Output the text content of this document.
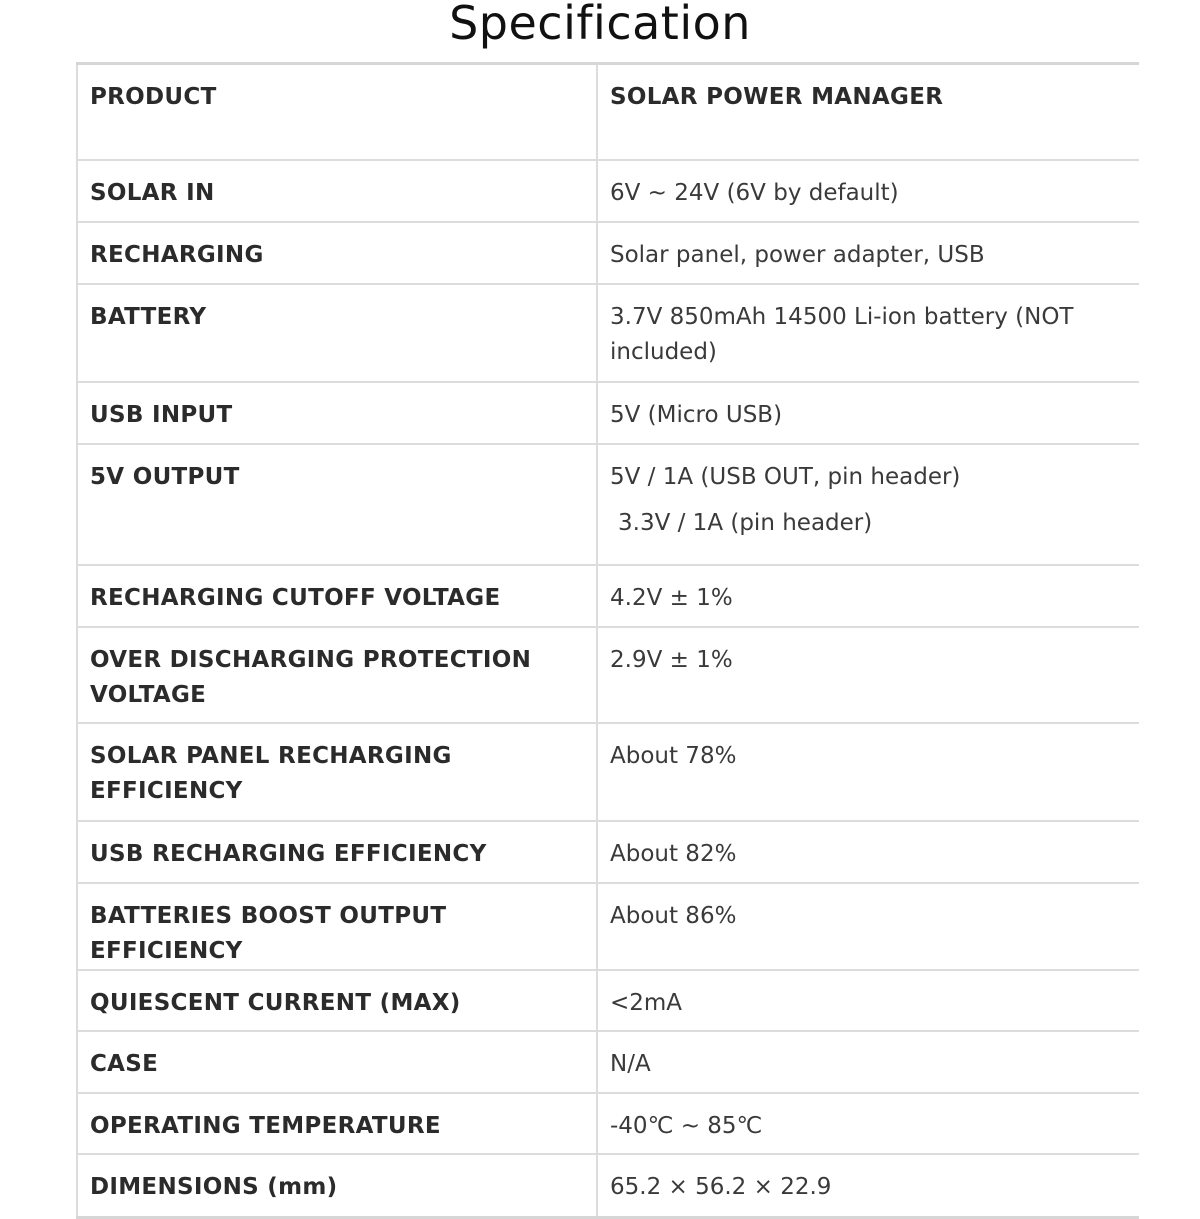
Specification
PRODUCT	SOLAR POWER MANAGER
SOLAR IN	6V ~ 24V (6V by default)
RECHARGING	Solar panel, power adapter, USB
BATTERY	3.7V 850mAh 14500 Li-ion battery (NOT included)
USB INPUT	5V (Micro USB)
5V OUTPUT	5V / 1A (USB OUT, pin header)
3.3V / 1A (pin header)

RECHARGING CUTOFF VOLTAGE	4.2V ± 1%
OVER DISCHARGING PROTECTION VOLTAGE	2.9V ± 1%
SOLAR PANEL RECHARGING EFFICIENCY	About 78%
USB RECHARGING EFFICIENCY	About 82%
BATTERIES BOOST OUTPUT EFFICIENCY	About 86%
QUIESCENT CURRENT (MAX)	<2mA
CASE	N/A
OPERATING TEMPERATURE	-40℃ ~ 85℃
DIMENSIONS (mm)	65.2 × 56.2 × 22.9
